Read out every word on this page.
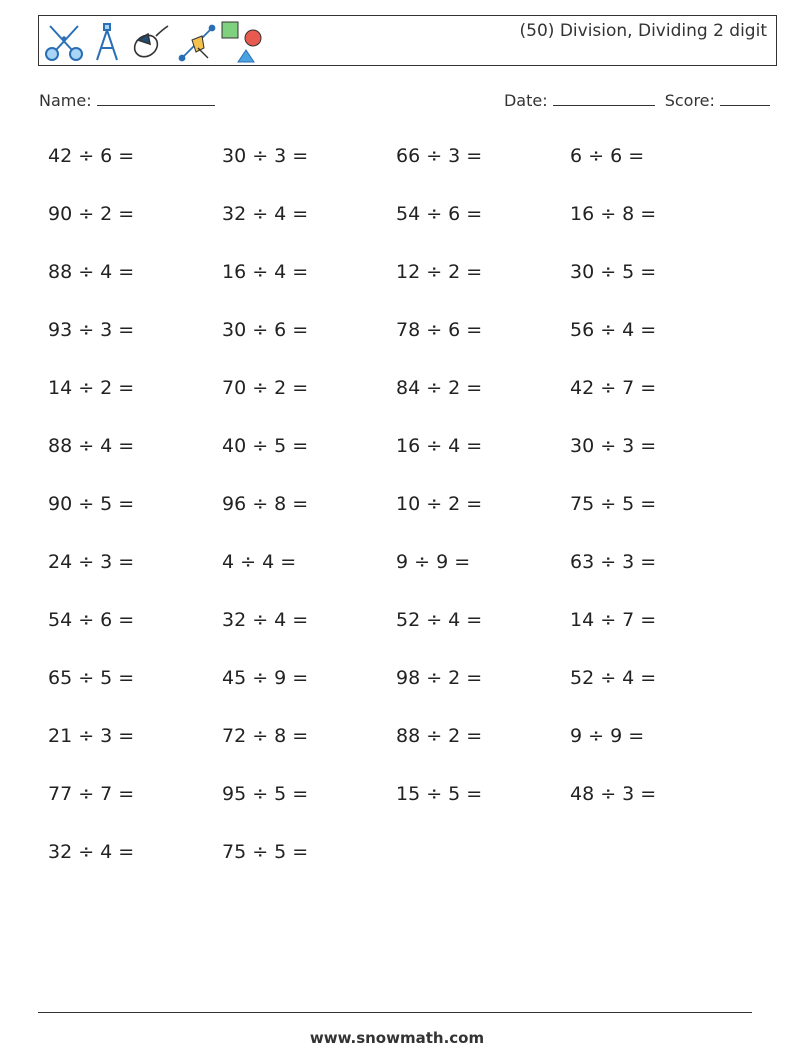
(50) Division, Dividing 2 digit
Name:	Date:	Score:
42 ÷ 6 =	30 ÷ 3 =	66 ÷ 3 =	6 ÷ 6 =
90 ÷ 2 =	32 ÷ 4 =	54 ÷ 6 =	16 ÷ 8 =
88 ÷ 4 =	16 ÷ 4 =	12 ÷ 2 =	30 ÷ 5 =
93 ÷ 3 =	30 ÷ 6 =	78 ÷ 6 =	56 ÷ 4 =
14 ÷ 2 =	70 ÷ 2 =	84 ÷ 2 =	42 ÷ 7 =
88 ÷ 4 =	40 ÷ 5 =	16 ÷ 4 =	30 ÷ 3 =
90 ÷ 5 =	96 ÷ 8 =	10 ÷ 2 =	75 ÷ 5 =
24 ÷ 3 =	4 ÷ 4 =	9 ÷ 9 =	63 ÷ 3 =
54 ÷ 6 =	32 ÷ 4 =	52 ÷ 4 =	14 ÷ 7 =
65 ÷ 5 =	45 ÷ 9 =	98 ÷ 2 =	52 ÷ 4 =
21 ÷ 3 =	72 ÷ 8 =	88 ÷ 2 =	9 ÷ 9 =
77 ÷ 7 =	95 ÷ 5 =	15 ÷ 5 =	48 ÷ 3 =
32 ÷ 4 =	75 ÷ 5 =
www.snowmath.com
